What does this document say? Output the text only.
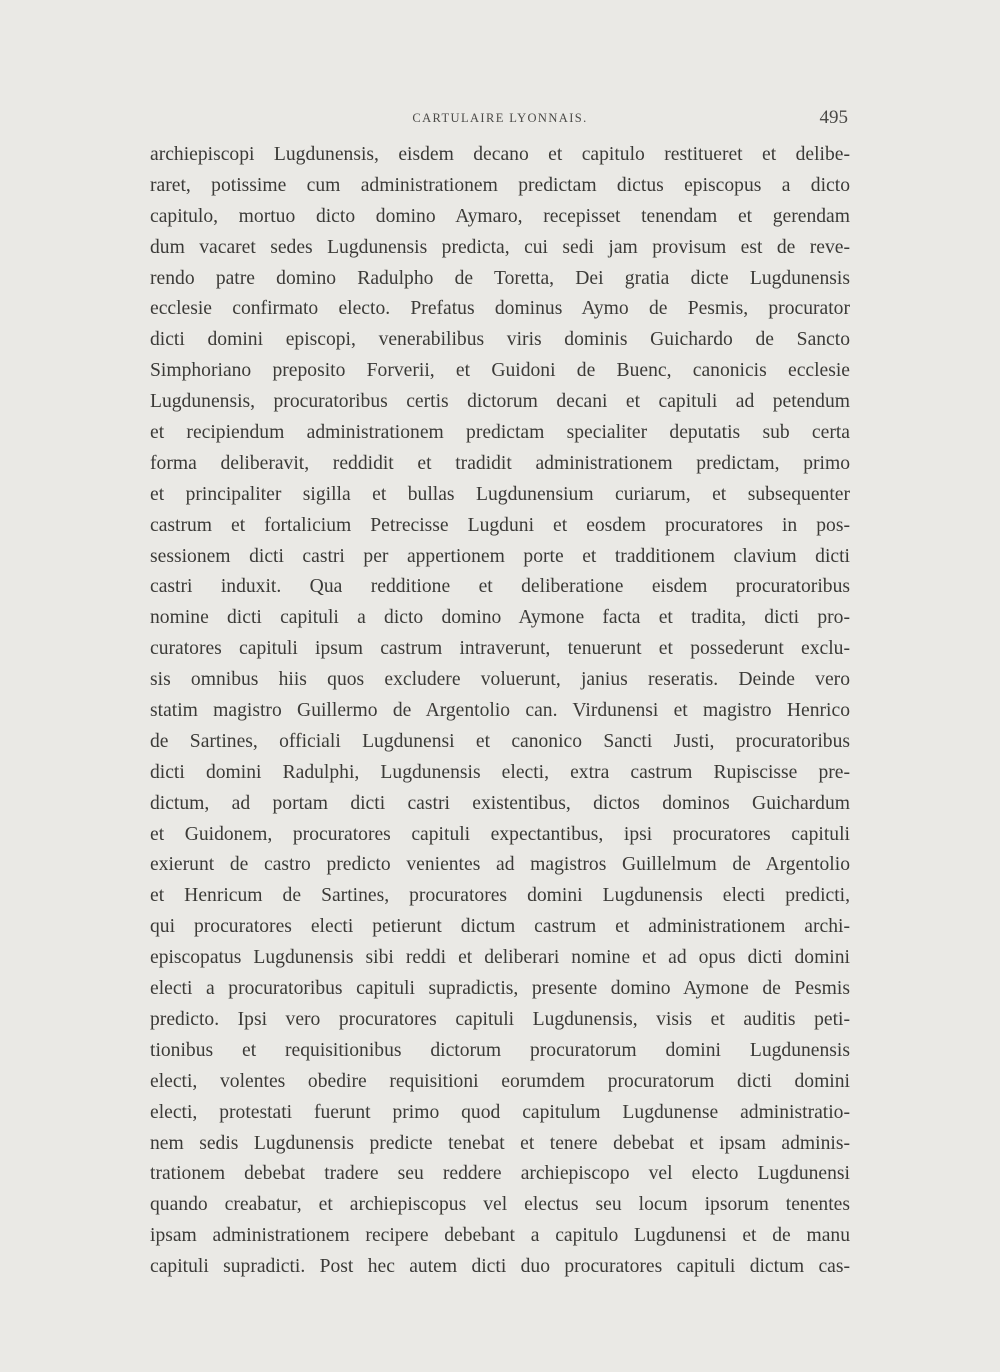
CARTULAIRE LYONNAIS.	495
archiepiscopi Lugdunensis, eisdem decano et capitulo restitueret et delibe-
raret, potissime cum administrationem predictam dictus episcopus a dicto
capitulo, mortuo dicto domino Aymaro, recepisset tenendam et gerendam
dum vacaret sedes Lugdunensis predicta, cui sedi jam provisum est de reve-
rendo patre domino Radulpho de Toretta, Dei gratia dicte Lugdunensis
ecclesie confirmato electo. Prefatus dominus Aymo de Pesmis, procurator
dicti domini episcopi, venerabilibus viris dominis Guichardo de Sancto
Simphoriano preposito Forverii, et Guidoni de Buenc, canonicis ecclesie
Lugdunensis, procuratoribus certis dictorum decani et capituli ad petendum
et recipiendum administrationem predictam specialiter deputatis sub certa
forma deliberavit, reddidit et tradidit administrationem predictam, primo
et principaliter sigilla et bullas Lugdunensium curiarum, et subsequenter
castrum et fortalicium Petrecisse Lugduni et eosdem procuratores in pos-
sessionem dicti castri per appertionem porte et tradditionem clavium dicti
castri induxit. Qua redditione et deliberatione eisdem procuratoribus
nomine dicti capituli a dicto domino Aymone facta et tradita, dicti pro-
curatores capituli ipsum castrum intraverunt, tenuerunt et possederunt exclu-
sis omnibus hiis quos excludere voluerunt, janius reseratis. Deinde vero
statim magistro Guillermo de Argentolio can. Virdunensi et magistro Henrico
de Sartines, officiali Lugdunensi et canonico Sancti Justi, procuratoribus
dicti domini Radulphi, Lugdunensis electi, extra castrum Rupiscisse pre-
dictum, ad portam dicti castri existentibus, dictos dominos Guichardum
et Guidonem, procuratores capituli expectantibus, ipsi procuratores capituli
exierunt de castro predicto venientes ad magistros Guillelmum de Argentolio
et Henricum de Sartines, procuratores domini Lugdunensis electi predicti,
qui procuratores electi petierunt dictum castrum et administrationem archi-
episcopatus Lugdunensis sibi reddi et deliberari nomine et ad opus dicti domini
electi a procuratoribus capituli supradictis, presente domino Aymone de Pesmis
predicto. Ipsi vero procuratores capituli Lugdunensis, visis et auditis peti-
tionibus et requisitionibus dictorum procuratorum domini Lugdunensis
electi, volentes obedire requisitioni eorumdem procuratorum dicti domini
electi, protestati fuerunt primo quod capitulum Lugdunense administratio-
nem sedis Lugdunensis predicte tenebat et tenere debebat et ipsam adminis-
trationem debebat tradere seu reddere archiepiscopo vel electo Lugdunensi
quando creabatur, et archiepiscopus vel electus seu locum ipsorum tenentes
ipsam administrationem recipere debebant a capitulo Lugdunensi et de manu
capituli supradicti. Post hec autem dicti duo procuratores capituli dictum cas-
